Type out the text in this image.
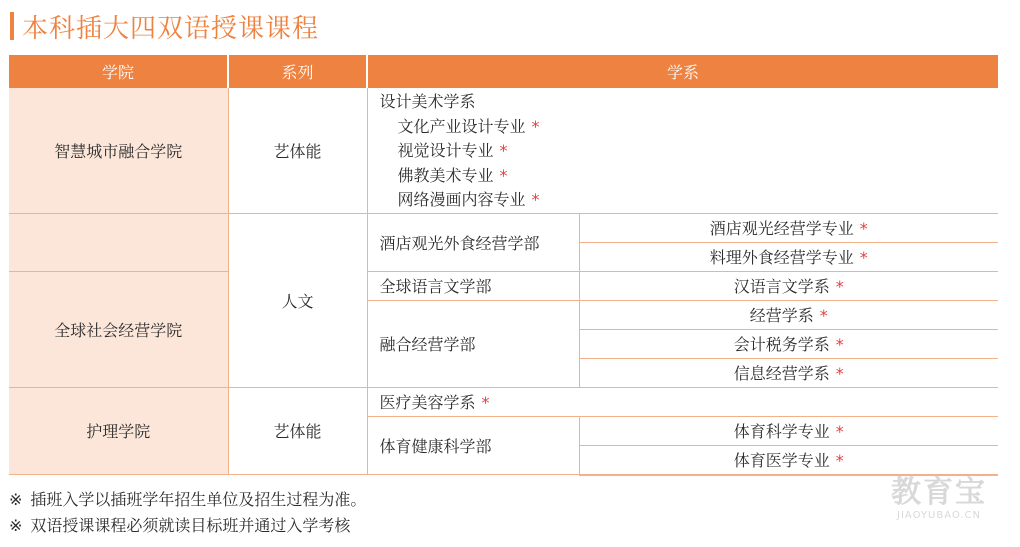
本科插大四双语授课课程
学院	系列	学系	
智慧城市融合学院	艺体能	设计美术学系
文化产业设计专业 *
视觉设计专业 *
佛教美术专业 *
网络漫画内容专业 *	

	人文	酒店观光外食经营学部	酒店观光经营学专业 *
			料理外食经营学专业 *
全球社会经营学院		全球语言文学部	汉语言文学系 *
		融合经营学部	经营学系 *
			会计税务学系 *
			信息经营学系 *
护理学院	艺体能	医疗美容学系 *	
		体育健康科学部	体育科学专业 *
			体育医学专业 *
※ 插班入学以插班学年招生单位及招生过程为准。
※ 双语授课课程必须就读目标班并通过入学考核
教育宝
JIAOYUBAO.CN
